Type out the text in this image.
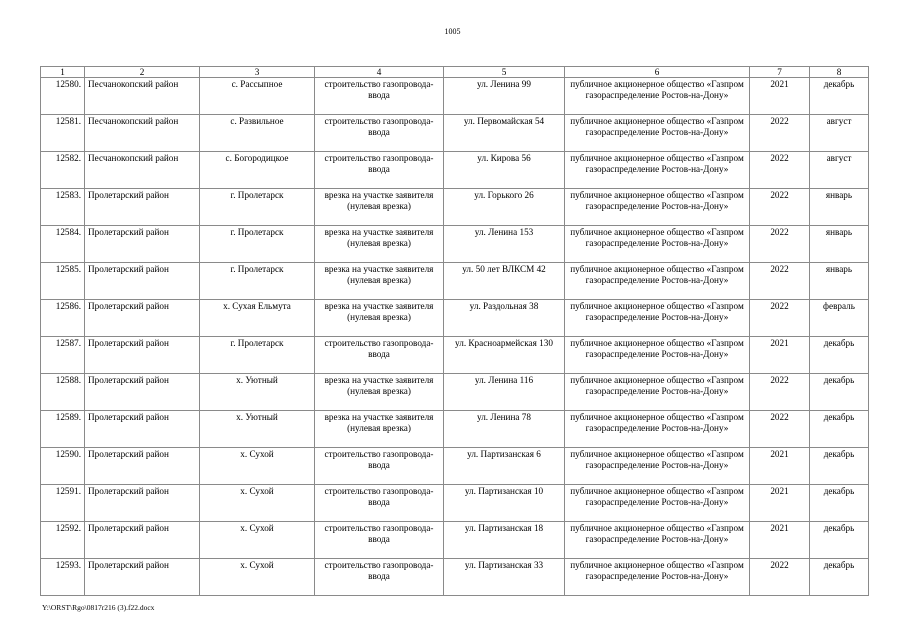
1005
1	2	3	4	5	6	7	8
12580.	Песчанокопский район	с. Рассыпное	строительство газопровода-ввода	ул. Ленина 99	публичное акционерное общество «Газпром газораспределение Ростов-на-Дону»	2021	декабрь
12581.	Песчанокопский район	с. Развильное	строительство газопровода-ввода	ул. Первомайская 54	публичное акционерное общество «Газпром газораспределение Ростов-на-Дону»	2022	август
12582.	Песчанокопский район	с. Богородицкое	строительство газопровода-ввода	ул. Кирова 56	публичное акционерное общество «Газпром газораспределение Ростов-на-Дону»	2022	август
12583.	Пролетарский район	г. Пролетарск	врезка на участке заявителя (нулевая врезка)	ул. Горького 26	публичное акционерное общество «Газпром газораспределение Ростов-на-Дону»	2022	январь
12584.	Пролетарский район	г. Пролетарск	врезка на участке заявителя (нулевая врезка)	ул. Ленина 153	публичное акционерное общество «Газпром газораспределение Ростов-на-Дону»	2022	январь
12585.	Пролетарский район	г. Пролетарск	врезка на участке заявителя (нулевая врезка)	ул. 50 лет ВЛКСМ 42	публичное акционерное общество «Газпром газораспределение Ростов-на-Дону»	2022	январь
12586.	Пролетарский район	х. Сухая Ельмута	врезка на участке заявителя (нулевая врезка)	ул. Раздольная 38	публичное акционерное общество «Газпром газораспределение Ростов-на-Дону»	2022	февраль
12587.	Пролетарский район	г. Пролетарск	строительство газопровода-ввода	ул. Красноармейская 130	публичное акционерное общество «Газпром газораспределение Ростов-на-Дону»	2021	декабрь
12588.	Пролетарский район	х. Уютный	врезка на участке заявителя (нулевая врезка)	ул. Ленина 116	публичное акционерное общество «Газпром газораспределение Ростов-на-Дону»	2022	декабрь
12589.	Пролетарский район	х. Уютный	врезка на участке заявителя (нулевая врезка)	ул. Ленина 78	публичное акционерное общество «Газпром газораспределение Ростов-на-Дону»	2022	декабрь
12590.	Пролетарский район	х. Сухой	строительство газопровода-ввода	ул. Партизанская 6	публичное акционерное общество «Газпром газораспределение Ростов-на-Дону»	2021	декабрь
12591.	Пролетарский район	х. Сухой	строительство газопровода-ввода	ул. Партизанская 10	публичное акционерное общество «Газпром газораспределение Ростов-на-Дону»	2021	декабрь
12592.	Пролетарский район	х. Сухой	строительство газопровода-ввода	ул. Партизанская 18	публичное акционерное общество «Газпром газораспределение Ростов-на-Дону»	2021	декабрь
12593.	Пролетарский район	х. Сухой	строительство газопровода-ввода	ул. Партизанская 33	публичное акционерное общество «Газпром газораспределение Ростов-на-Дону»	2022	декабрь
Y:\ORST\Rgo\0817r216 (3).f22.docx
